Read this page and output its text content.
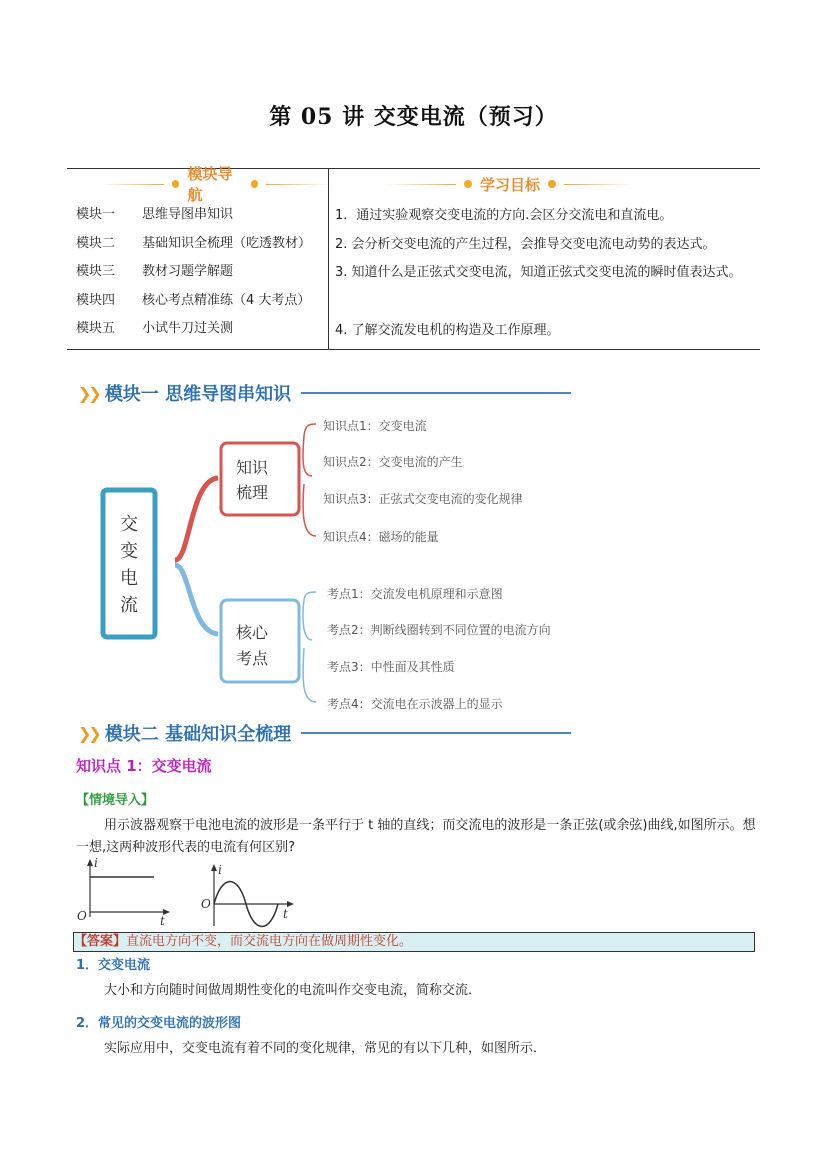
第 05 讲 交变电流（预习）
模块导航
学习目标
模块一	思维导图串知识
模块二	基础知识全梳理（吃透教材）
模块三	教材习题学解题
模块四	核心考点精准练（4 大考点）
模块五	小试牛刀过关测
1．通过实验观察交变电流的方向.会区分交流电和直流电。
2. 会分析交变电流的产生过程，会推导交变电流电动势的表达式。
3. 知道什么是正弦式交变电流，知道正弦式交变电流的瞬时值表达式。
4. 了解交流发电机的构造及工作原理。
❯❯ 模块一 思维导图串知识
交
变
电
流
知识
梳理
核心
考点
知识点1：交变电流
知识点2：交变电流的产生
知识点3：正弦式交变电流的变化规律
知识点4：磁场的能量
考点1：交流发电机原理和示意图
考点2：判断线圈转到不同位置的电流方向
考点3：中性面及其性质
考点4：交流电在示波器上的显示
❯❯ 模块二 基础知识全梳理
知识点 1：交变电流
【情境导入】
用示波器观察干电池电流的波形是一条平行于 t 轴的直线；而交流电的波形是一条正弦(或余弦)曲线,如图所示。想一想,这两种波形代表的电流有何区别?
i
O	t
i
O
t
【答案】直流电方向不变，而交流电方向在做周期性变化。
1．交变电流
大小和方向随时间做周期性变化的电流叫作交变电流，简称交流．
2．常见的交变电流的波形图
实际应用中，交变电流有着不同的变化规律，常见的有以下几种，如图所示．
